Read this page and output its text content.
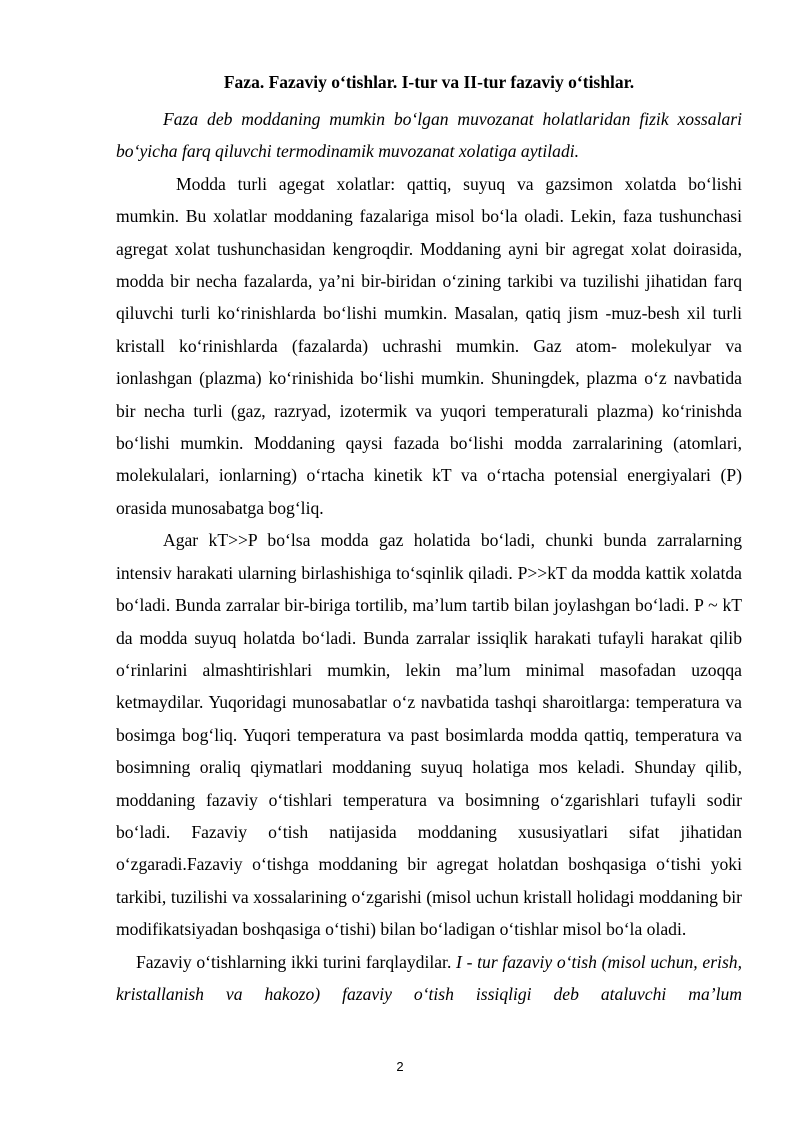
Faza. Fazaviy o‘tishlar. I-tur va II-tur fazaviy o‘tishlar.

Faza deb moddaning mumkin bo‘lgan muvozanat holatlaridan fizik xossalari bo‘yicha farq qiluvchi termodinamik muvozanat xolatiga aytiladi.

Modda turli agegat xolatlar: qattiq, suyuq va gazsimon xolatda bo‘lishi mumkin. Bu xolatlar moddaning fazalariga misol bo‘la oladi. Lekin, faza tushunchasi agregat xolat tushunchasidan kengroqdir. Moddaning ayni bir agregat xolat doirasida, modda bir necha fazalarda, ya’ni bir-biridan o‘zining tarkibi va tuzilishi jihatidan farq qiluvchi turli ko‘rinishlarda bo‘lishi mumkin. Masalan, qatiq jism -muz-besh xil turli kristall ko‘rinishlarda (fazalarda) uchrashi mumkin. Gaz atom- molekulyar va ionlashgan (plazma) ko‘rinishida bo‘lishi mumkin. Shuningdek, plazma o‘z navbatida bir necha turli (gaz, razryad, izotermik va yuqori temperaturali plazma) ko‘rinishda bo‘lishi mumkin. Moddaning qaysi fazada bo‘lishi modda zarralarining (atomlari, molekulalari, ionlarning) o‘rtacha kinetik kT va o‘rtacha potensial energiyalari (P) orasida munosabatga bog‘liq.

Agar kT>>P bo‘lsa modda gaz holatida bo‘ladi, chunki bunda zarralarning intensiv harakati ularning birlashishiga to‘sqinlik qiladi. P>>kT da modda kattik xolatda bo‘ladi. Bunda zarralar bir-biriga tortilib, ma’lum tartib bilan joylashgan bo‘ladi. P ~ kT da modda suyuq holatda bo‘ladi. Bunda zarralar issiqlik harakati tufayli harakat qilib o‘rinlarini almashtirishlari mumkin, lekin ma’lum minimal masofadan uzoqqa ketmaydilar. Yuqoridagi munosabatlar o‘z navbatida tashqi sharoitlarga: temperatura va bosimga bog‘liq. Yuqori temperatura va past bosimlarda modda qattiq, temperatura va bosimning oraliq qiymatlari moddaning suyuq holatiga mos keladi. Shunday qilib, moddaning fazaviy o‘tishlari temperatura va bosimning o‘zgarishlari tufayli sodir bo‘ladi. Fazaviy o‘tish natijasida moddaning xususiyatlari sifat jihatidan o‘zgaradi.Fazaviy o‘tishga moddaning bir agregat holatdan boshqasiga o‘tishi yoki tarkibi, tuzilishi va xossalarining o‘zgarishi (misol uchun kristall holidagi moddaning bir modifikatsiyadan boshqasiga o‘tishi) bilan bo‘ladigan o‘tishlar misol bo‘la oladi.

Fazaviy o‘tishlarning ikki turini farqlaydilar. I - tur fazaviy o‘tish (misol uchun, erish, kristallanish va hakozo) fazaviy o‘tish issiqligi deb ataluvchi ma’lum

2
